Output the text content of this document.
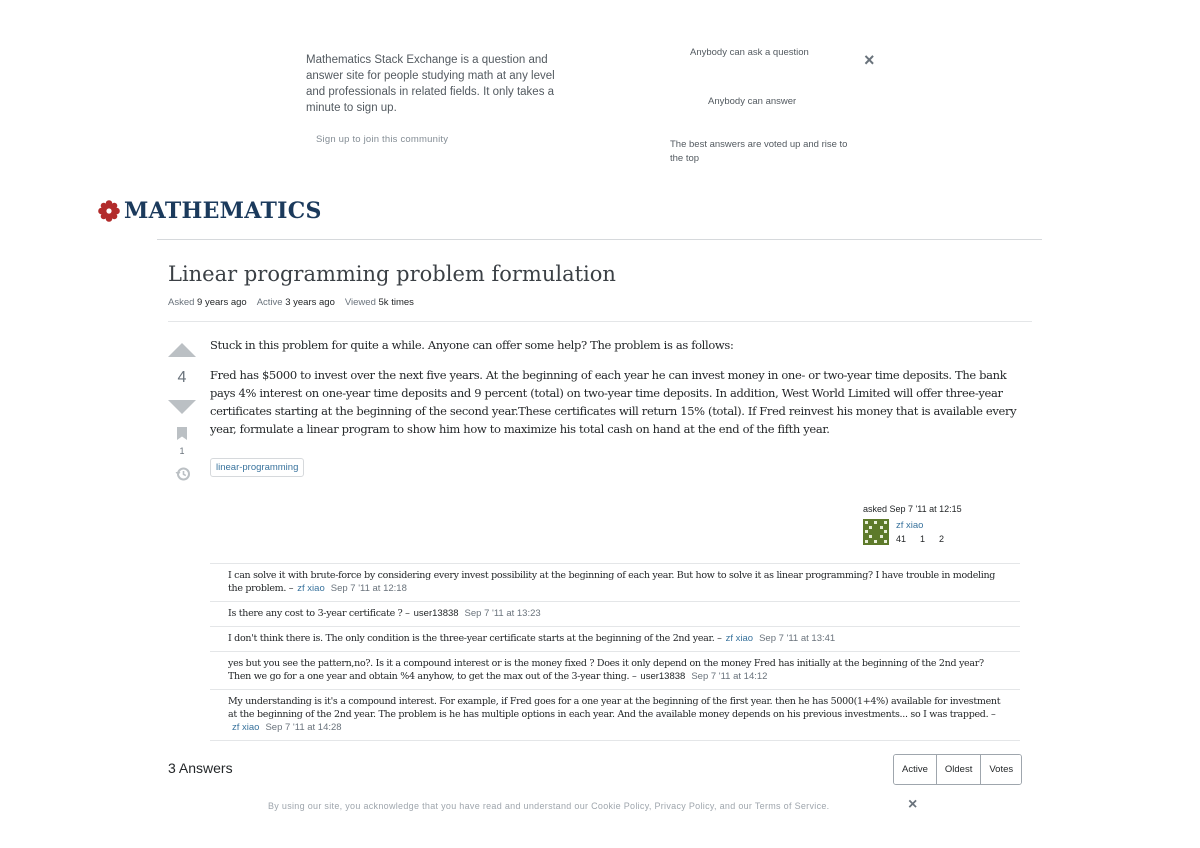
Mathematics Stack Exchange is a question and answer site for people studying math at any level and professionals in related fields. It only takes a minute to sign up.
Sign up to join this community
Anybody can ask a question
Anybody can answer
The best answers are voted up and rise to the top
×
MATHEMATICS
Linear programming problem formulation
Asked 9 years ago Active 3 years ago Viewed 5k times
4
1

Stuck in this problem for quite a while. Anyone can offer some help? The problem is as follows:

Fred has $5000 to invest over the next five years. At the beginning of each year he can invest money in one- or two-year time deposits. The bank pays 4% interest on one-year time deposits and 9 percent (total) on two-year time deposits. In addition, West World Limited will offer three-year certificates starting at the beginning of the second year.These certificates will return 15% (total). If Fred reinvest his money that is available every year, formulate a linear program to show him how to maximize his total cash on hand at the end of the fifth year.

linear-programming
asked Sep 7 '11 at 12:15
zf xiao
41 1 2
I can solve it with brute-force by considering every invest possibility at the beginning of each year. But how to solve it as linear programming? I have trouble in modeling the problem. – zf xiao Sep 7 '11 at 12:18
Is there any cost to 3-year certificate ? – user13838 Sep 7 '11 at 13:23
I don't think there is. The only condition is the three-year certificate starts at the beginning of the 2nd year. – zf xiao Sep 7 '11 at 13:41
yes but you see the pattern,no?. Is it a compound interest or is the money fixed ? Does it only depend on the money Fred has initially at the beginning of the 2nd year? Then we go for a one year and obtain %4 anyhow, to get the max out of the 3-year thing. – user13838 Sep 7 '11 at 14:12
My understanding is it's a compound interest. For example, if Fred goes for a one year at the beginning of the first year. then he has 5000(1+4%) available for investment at the beginning of the 2nd year. The problem is he has multiple options in each year. And the available money depends on his previous investments... so I was trapped. –zf xiao Sep 7 '11 at 14:28
3 Answers	Active	Oldest	Votes
By using our site, you acknowledge that you have read and understand our Cookie Policy, Privacy Policy, and our Terms of Service.	×
